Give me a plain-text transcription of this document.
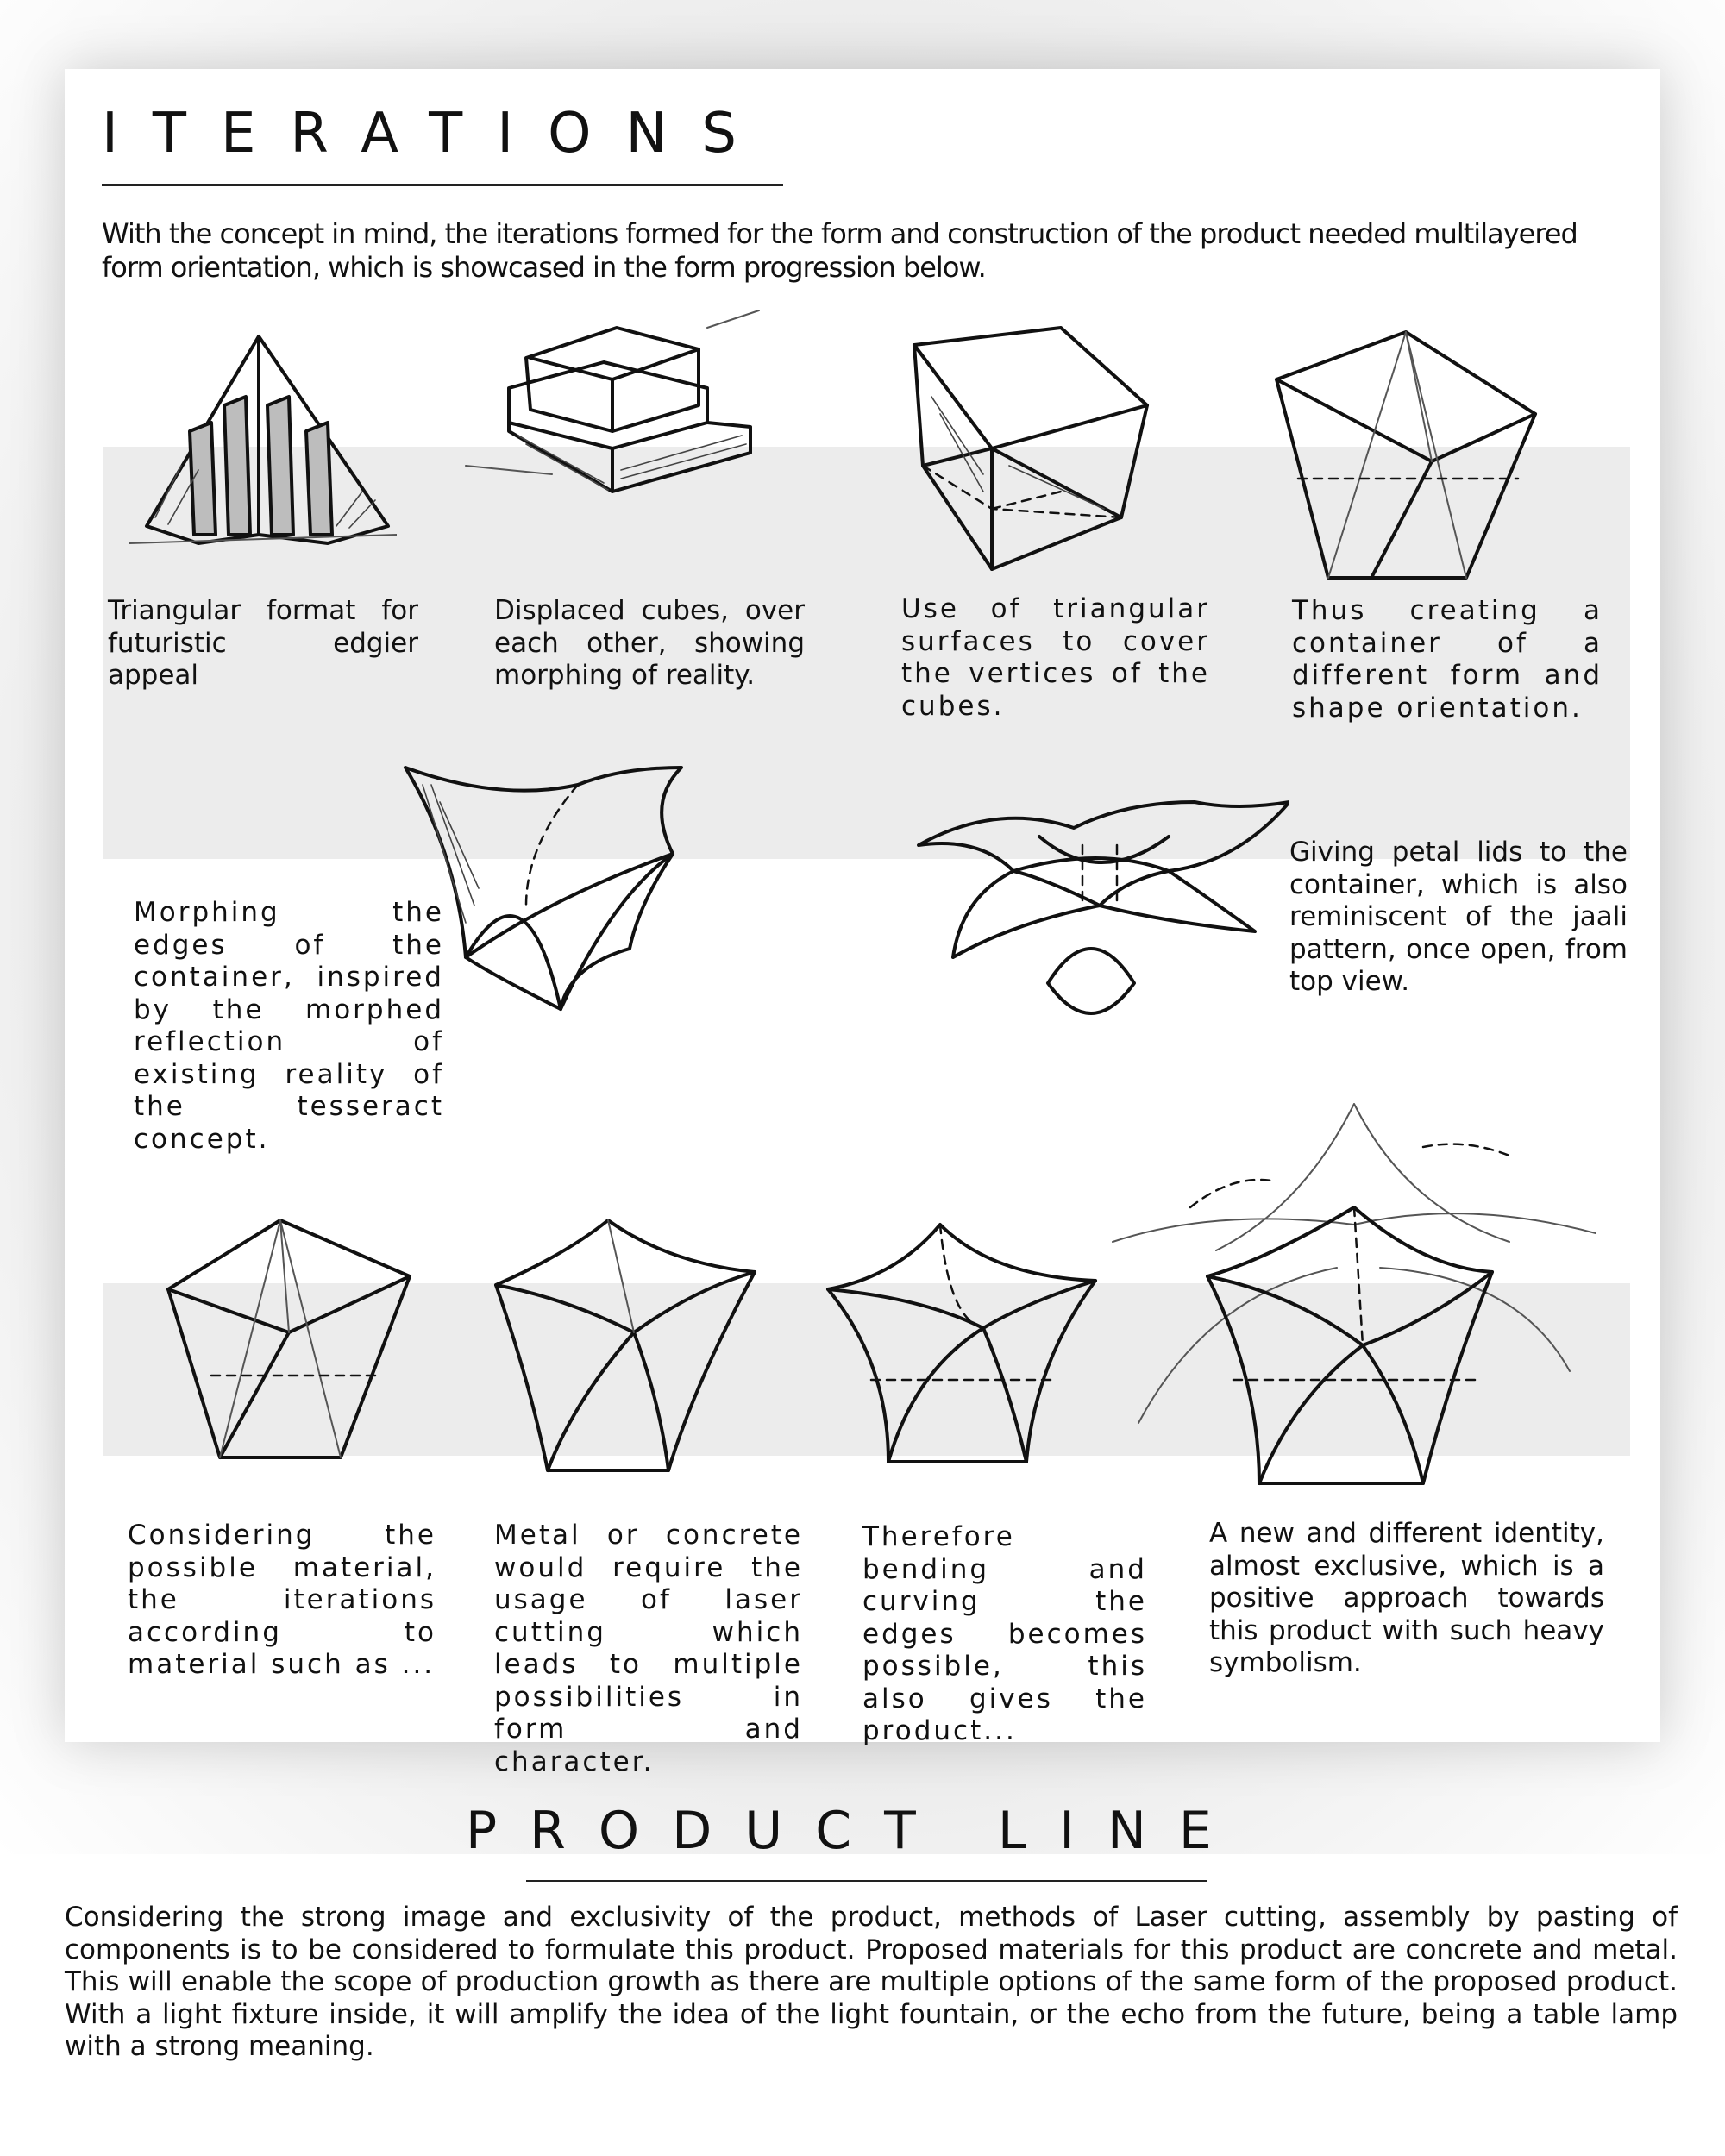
ITERATIONS

With the concept in mind, the iterations formed for the form and construction of the product needed multilayered form orientation, which is showcased in the form progression below.

Triangular format for futuristic edgier appeal

Displaced cubes, over each other, showing morphing of reality.

Use of triangular surfaces to cover the vertices of the cubes.

Thus creating a container of a different form and shape orientation.

Morphing the edges of the container, inspired by the morphed reflection of existing reality of the tesseract concept.

Giving petal lids to the container, which is also reminiscent of the jaali pattern, once open, from top view.

Considering the possible material, the iterations according to material such as ...

Metal or concrete would require the usage of laser cutting which leads to multiple possibilities in form and character.

Therefore bending and curving the edges becomes possible, this also gives the product...

A new and different identity, almost exclusive, which is a positive approach towards this product with such heavy symbolism.

PRODUCT LINE

Considering the strong image and exclusivity of the product, methods of Laser cutting, assembly by pasting of components is to be considered to formulate this product. Proposed materials for this product are concrete and metal. This will enable the scope of production growth as there are multiple options of the same form of the proposed product. With a light fixture inside, it will amplify the idea of the light fountain, or the echo from the future, being a table lamp with a strong meaning.
